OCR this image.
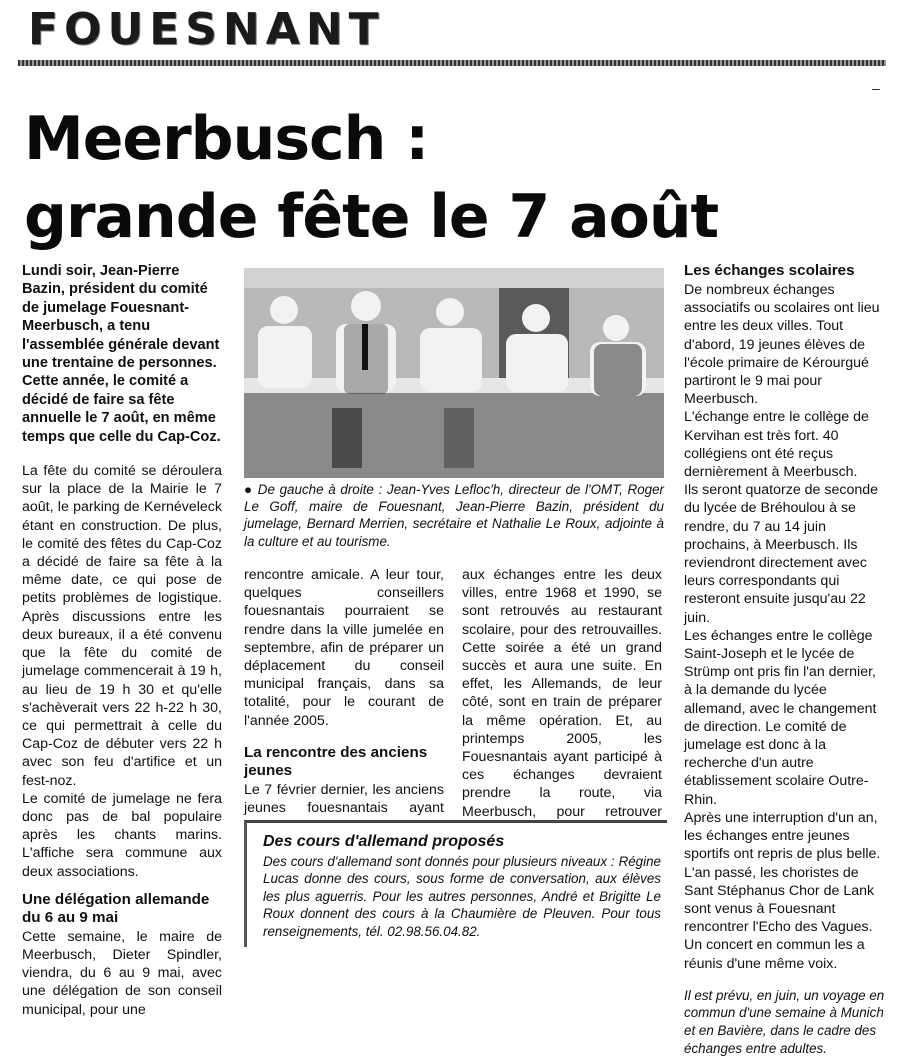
FOUESNANT
–
Meerbusch :
grande fête le 7 août

Lundi soir, Jean-Pierre Bazin, président du comité de jumelage Fouesnant-Meerbusch, a tenu l'assemblée générale devant une trentaine de personnes. Cette année, le comité a décidé de faire sa fête annuelle le 7 août, en même temps que celle du Cap-Coz.

La fête du comité se déroulera sur la place de la Mairie le 7 août, le parking de Kernéveleck étant en construction. De plus, le comité des fêtes du Cap-Coz a décidé de faire sa fête à la même date, ce qui pose de petits problèmes de logistique. Après discussions entre les deux bureaux, il a été convenu que la fête du comité de jumelage commencerait à 19 h, au lieu de 19 h 30 et qu'elle s'achèverait vers 22 h-22 h 30, ce qui permettrait à celle du Cap-Coz de débuter vers 22 h avec son feu d'artifice et un fest-noz.

Le comité de jumelage ne fera donc pas de bal populaire après les chants marins. L'affiche sera commune aux deux associations.

Une délégation allemande du 6 au 9 mai

Cette semaine, le maire de Meerbusch, Dieter Spindler, viendra, du 6 au 9 mai, avec une délégation de son conseil municipal, pour une

● De gauche à droite : Jean-Yves Lefloc'h, directeur de l'OMT, Roger Le Goff, maire de Fouesnant, Jean-Pierre Bazin, président du jumelage, Bernard Merrien, secrétaire et Nathalie Le Roux, adjointe à la culture et au tourisme.

rencontre amicale. A leur tour, quelques conseillers fouesnantais pourraient se rendre dans la ville jumelée en septembre, afin de préparer un déplacement du conseil municipal français, dans sa totalité, pour le courant de l'année 2005.

La rencontre des anciens jeunes

Le 7 février dernier, les anciens jeunes fouesnantais ayant

aux échanges entre les deux villes, entre 1968 et 1990, se sont retrouvés au restaurant scolaire, pour des retrouvailles. Cette soirée a été un grand succès et aura une suite. En effet, les Allemands, de leur côté, sont en train de préparer la même opération. Et, au printemps 2005, les Fouesnantais ayant participé à ces échanges devraient prendre la route, via Meerbusch, pour retrouver

Des cours d'allemand proposés
Des cours d'allemand sont donnés pour plusieurs niveaux : Régine Lucas donne des cours, sous forme de conversation, aux élèves les plus aguerris. Pour les autres personnes, André et Brigitte Le Roux donnent des cours à la Chaumière de Pleuven. Pour tous renseignements, tél. 02.98.56.04.82.
Les échanges scolaires

De nombreux échanges associatifs ou scolaires ont lieu entre les deux villes. Tout d'abord, 19 jeunes élèves de l'école primaire de Kérourgué partiront le 9 mai pour Meerbusch.

L'échange entre le collège de Kervihan est très fort. 40 collégiens ont été reçus dernièrement à Meerbusch.

Ils seront quatorze de seconde du lycée de Bréhoulou à se rendre, du 7 au 14 juin prochains, à Meerbusch. Ils reviendront directement avec leurs correspondants qui resteront ensuite jusqu'au 22 juin.

Les échanges entre le collège Saint-Joseph et le lycée de Strümp ont pris fin l'an dernier, à la demande du lycée allemand, avec le changement de direction. Le comité de jumelage est donc à la recherche d'un autre établissement scolaire Outre-Rhin.

Après une interruption d'un an, les échanges entre jeunes sportifs ont repris de plus belle. L'an passé, les choristes de Sant Stéphanus Chor de Lank sont venus à Fouesnant rencontrer l'Echo des Vagues. Un concert en commun les a réunis d'une même voix.

Il est prévu, en juin, un voyage en commun d'une semaine à Munich et en Bavière, dans le cadre des échanges entre adultes.
